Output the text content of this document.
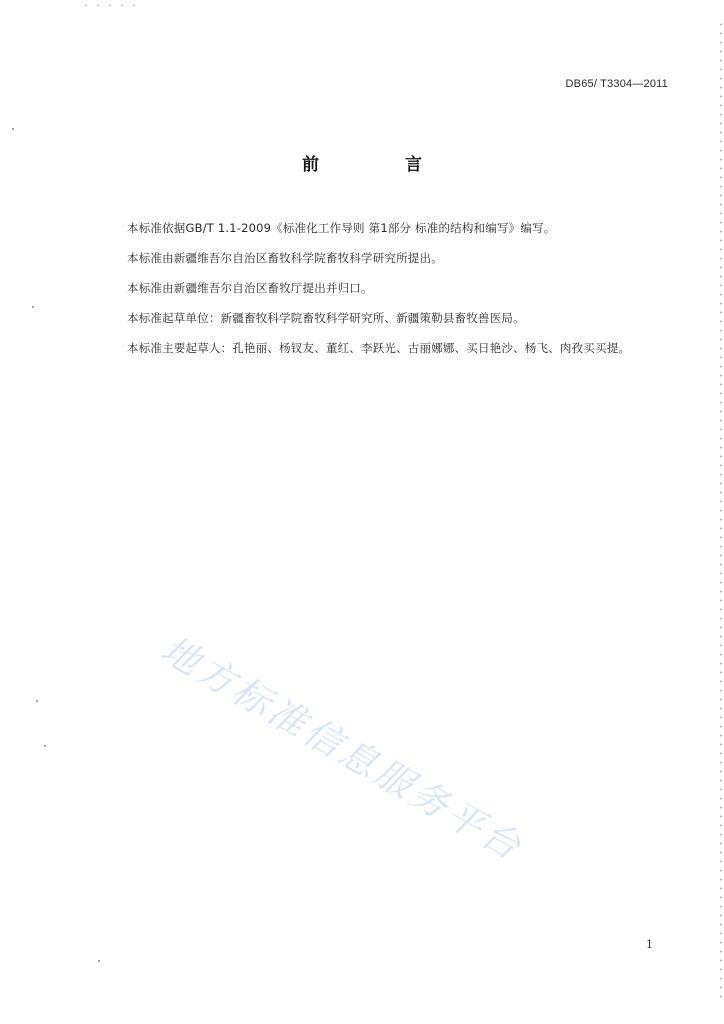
DB65/ T3304—2011
前 言
本标准依据GB/T 1.1-2009《标准化工作导则 第1部分 标准的结构和编写》编写。
本标准由新疆维吾尔自治区畜牧科学院畜牧科学研究所提出。
本标准由新疆维吾尔自治区畜牧厅提出并归口。
本标准起草单位：新疆畜牧科学院畜牧科学研究所、新疆策勒县畜牧兽医局。
本标准主要起草人：孔艳丽、杨钗友、董红、李跃光、古丽娜娜、买日艳沙、杨飞、肉孜买买提。
地方标准信息服务平台
1
